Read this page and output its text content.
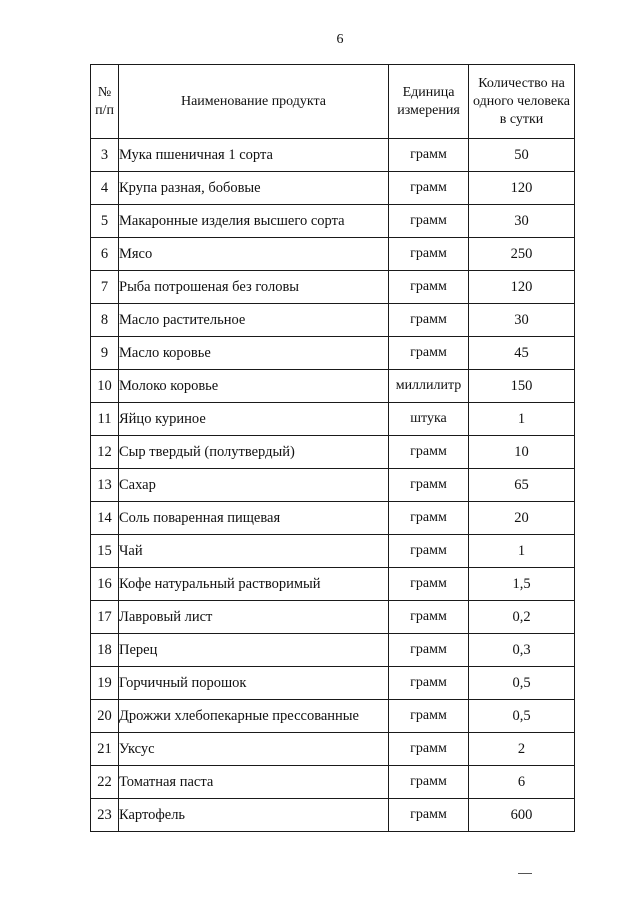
6
№ п/п	Наименование продукта	Единица измерения	Количество на одного человека в сутки
3	Мука пшеничная 1 сорта	грамм	50
4	Крупа разная, бобовые	грамм	120
5	Макаронные изделия высшего сорта	грамм	30
6	Мясо	грамм	250
7	Рыба потрошеная без головы	грамм	120
8	Масло растительное	грамм	30
9	Масло коровье	грамм	45
10	Молоко коровье	миллилитр	150
11	Яйцо куриное	штука	1
12	Сыр твердый (полутвердый)	грамм	10
13	Сахар	грамм	65
14	Соль поваренная пищевая	грамм	20
15	Чай	грамм	1
16	Кофе натуральный растворимый	грамм	1,5
17	Лавровый лист	грамм	0,2
18	Перец	грамм	0,3
19	Горчичный порошок	грамм	0,5
20	Дрожжи хлебопекарные прессованные	грамм	0,5
21	Уксус	грамм	2
22	Томатная паста	грамм	6
23	Картофель	грамм	600
